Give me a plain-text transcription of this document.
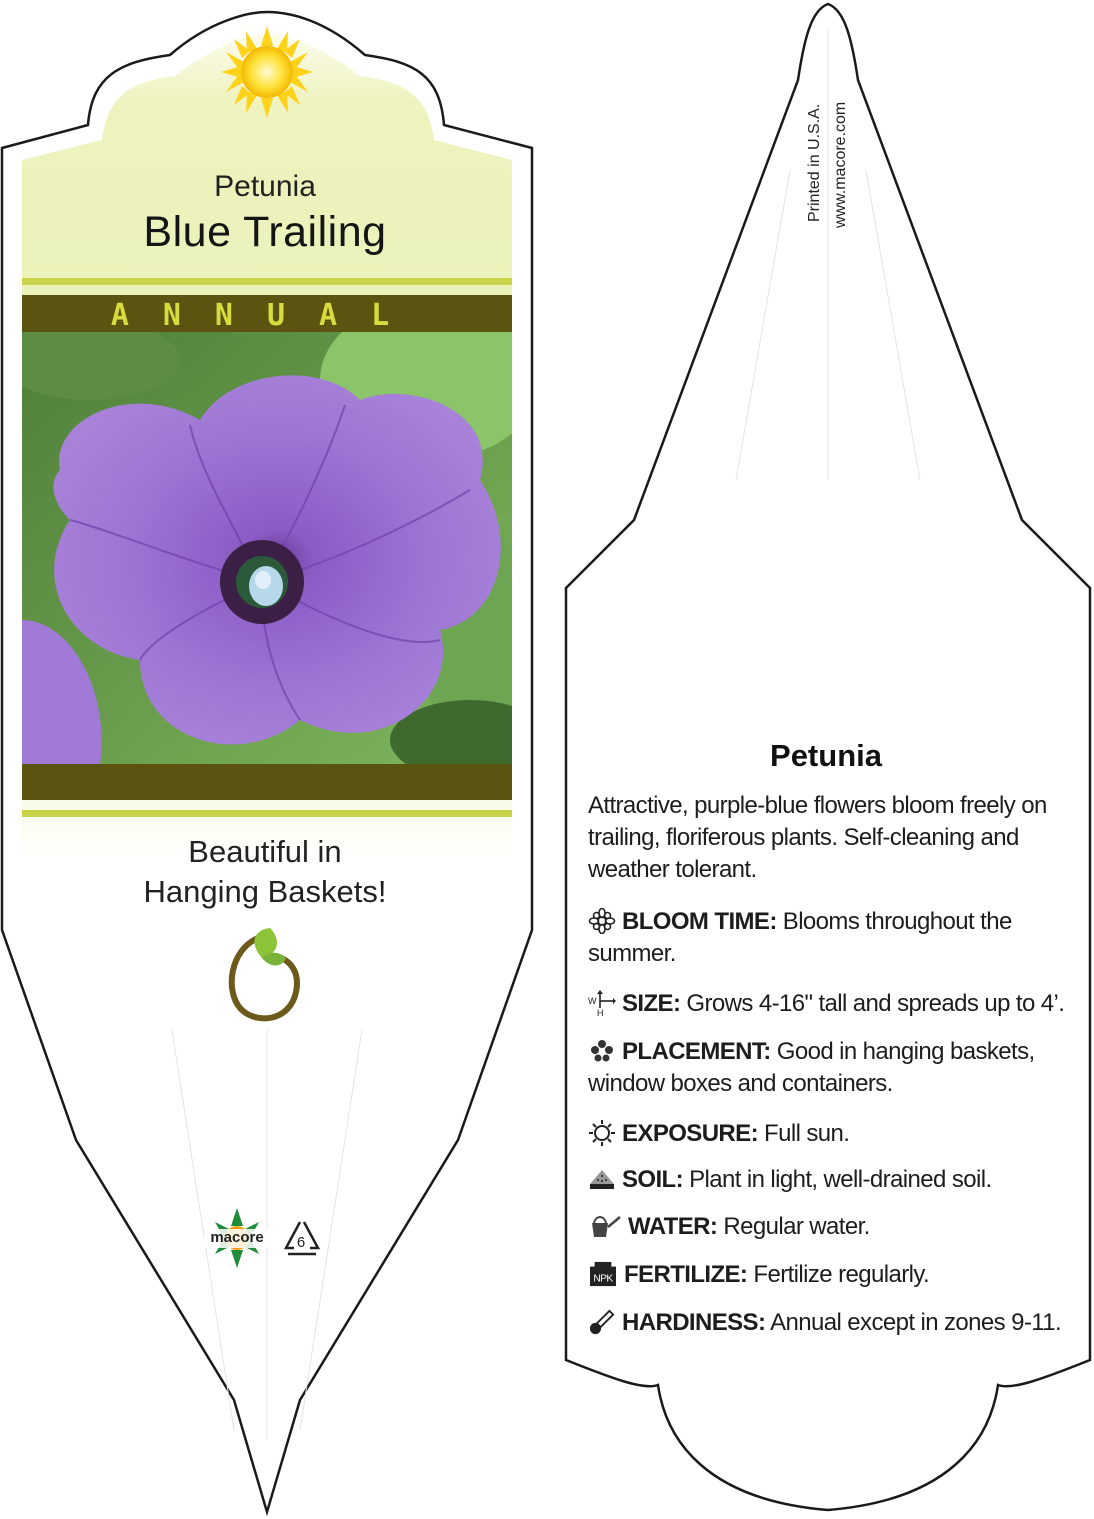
Petunia
Blue Trailing
ANNUAL
Beautiful in
Hanging Baskets!
macore	6
Printed in U.S.A. www.macore.com
Petunia
Attractive, purple-blue flowers bloom freely on trailing, floriferous plants. Self-cleaning and weather tolerant.
BLOOM TIME: Blooms throughout the summer.
W
H SIZE: Grows 4-16" tall and spreads up to 4’.
PLACEMENT: Good in hanging baskets, window boxes and containers.
EXPOSURE: Full sun.
SOIL: Plant in light, well-drained soil.
WATER: Regular water.
NPK FERTILIZE: Fertilize regularly.
HARDINESS: Annual except in zones 9-11.
